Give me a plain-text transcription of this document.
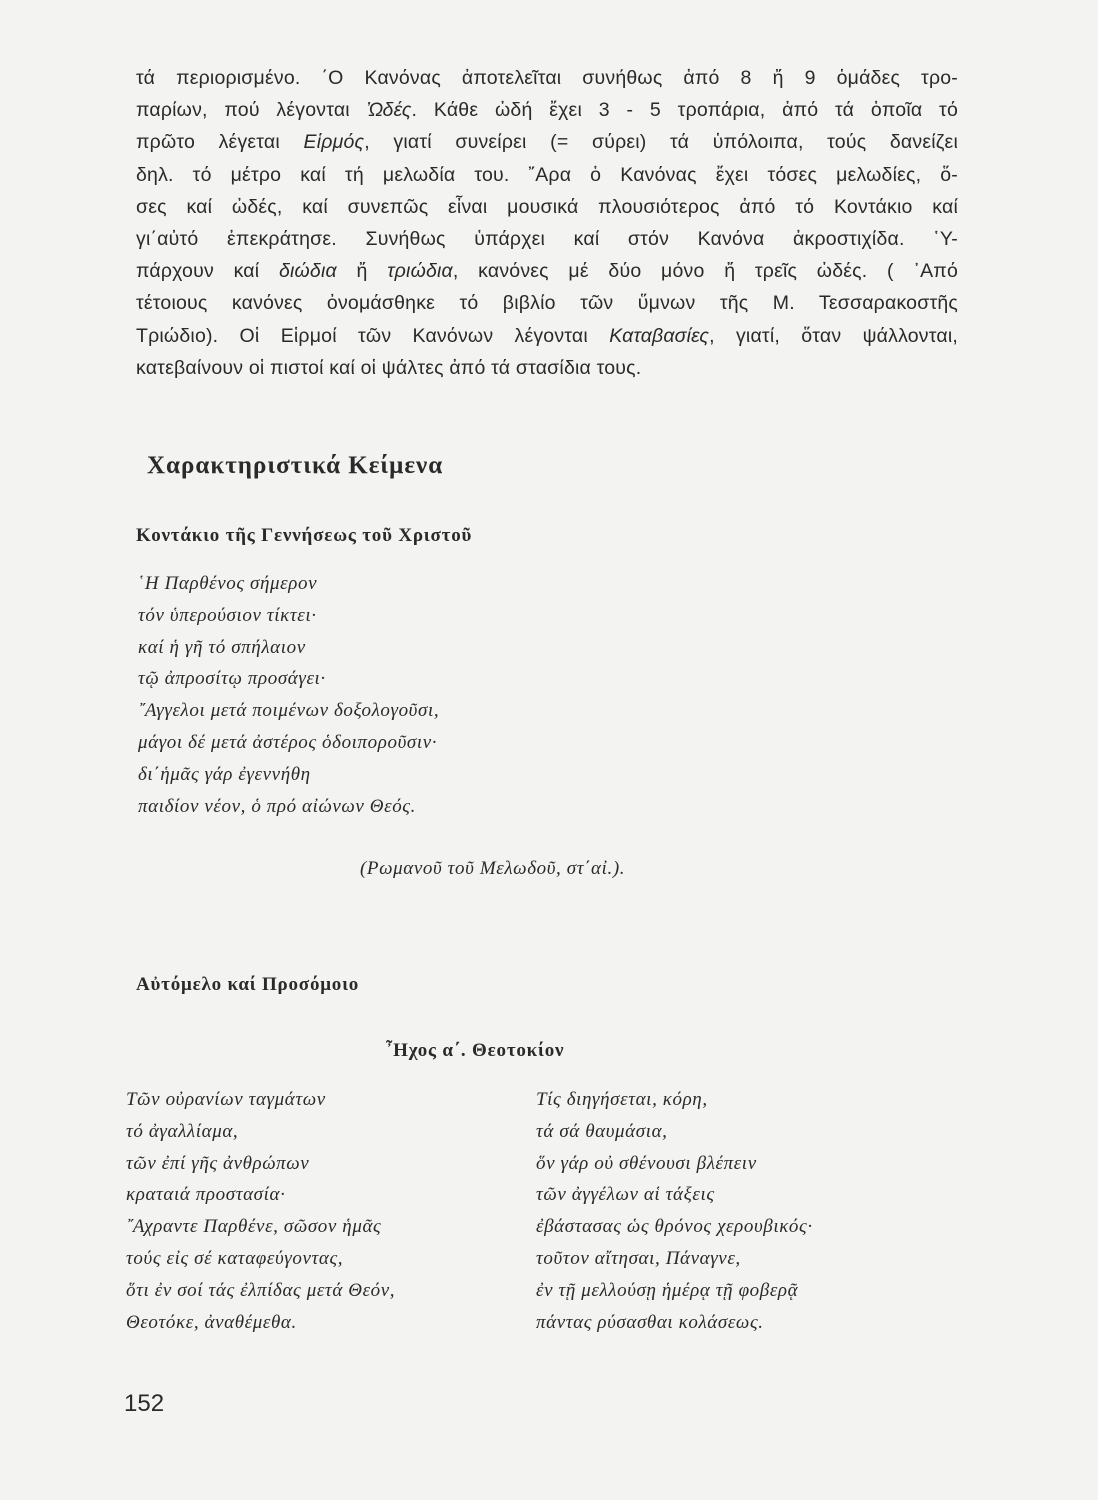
τά περιορισμένο. ΄Ο Κανόνας ἀποτελεῖται συνήθως ἀπό 8 ἤ 9 ὁμάδες τρο-
παρίων, πού λέγονται Ὠδές. Κάθε ὠδή ἔχει 3 - 5 τροπάρια, ἀπό τά ὁποῖα τό
πρῶτο λέγεται Εἱρμός, γιατί συνείρει (= σύρει) τά ὑπόλοιπα, τούς δανείζει
δηλ. τό μέτρο καί τή μελωδία του. ῎Αρα ὁ Κανόνας ἔχει τόσες μελωδίες, ὅ-
σες καί ὠδές, καί συνεπῶς εἶναι μουσικά πλουσιότερος ἀπό τό Κοντάκιο καί
γι΄αὐτό ἐπεκράτησε. Συνήθως ὑπάρχει καί στόν Κανόνα ἀκροστιχίδα. ῾Υ-
πάρχουν καί διώδια ἤ τριώδια, κανόνες μέ δύο μόνο ἤ τρεῖς ὠδές. ( ᾿Από
τέτοιους κανόνες ὀνομάσθηκε τό βιβλίο τῶν ὕμνων τῆς Μ. Τεσσαρακοστῆς
Τριώδιο). Οἱ Εἱρμοί τῶν Κανόνων λέγονται Καταβασίες, γιατί, ὅταν ψάλλονται,
κατεβαίνουν οἱ πιστοί καί οἱ ψάλτες ἀπό τά στασίδια τους.
Χαρακτηριστικά Κείμενα
Κοντάκιο τῆς Γεννήσεως τοῦ Χριστοῦ
῾Η Παρθένος σήμερον
τόν ὑπερούσιον τίκτει·
καί ἡ γῆ τό σπήλαιον
τῷ ἀπροσίτῳ προσάγει·
῎Αγγελοι μετά ποιμένων δοξολογοῦσι,
μάγοι δέ μετά ἀστέρος ὁδοιποροῦσιν·
δι΄ἡμᾶς γάρ ἐγεννήθη
παιδίον νέον, ὁ πρό αἰώνων Θεός.

(Ρωμανοῦ τοῦ Μελωδοῦ, στ΄αἰ.).

Αὐτόμελο καί Προσόμοιο

῏Ηχος α΄. Θεοτοκίον

Τῶν οὐρανίων ταγμάτων
τό ἀγαλλίαμα,
τῶν ἐπί γῆς ἀνθρώπων
κραταιά προστασία·
῎Αχραντε Παρθένε, σῶσον ἡμᾶς
τούς εἰς σέ καταφεύγοντας,
ὅτι ἐν σοί τάς ἐλπίδας μετά Θεόν,
Θεοτόκε, ἀναθέμεθα.
Τίς διηγήσεται, κόρη,
τά σά θαυμάσια,
ὅν γάρ οὐ σθένουσι βλέπειν
τῶν ἀγγέλων αἱ τάξεις
ἐβάστασας ὡς θρόνος χερουβικός·
τοῦτον αἴτησαι, Πάναγνε,
ἐν τῇ μελλούσῃ ἡμέρᾳ τῇ φοβερᾷ
πάντας ρύσασθαι κολάσεως.
152
